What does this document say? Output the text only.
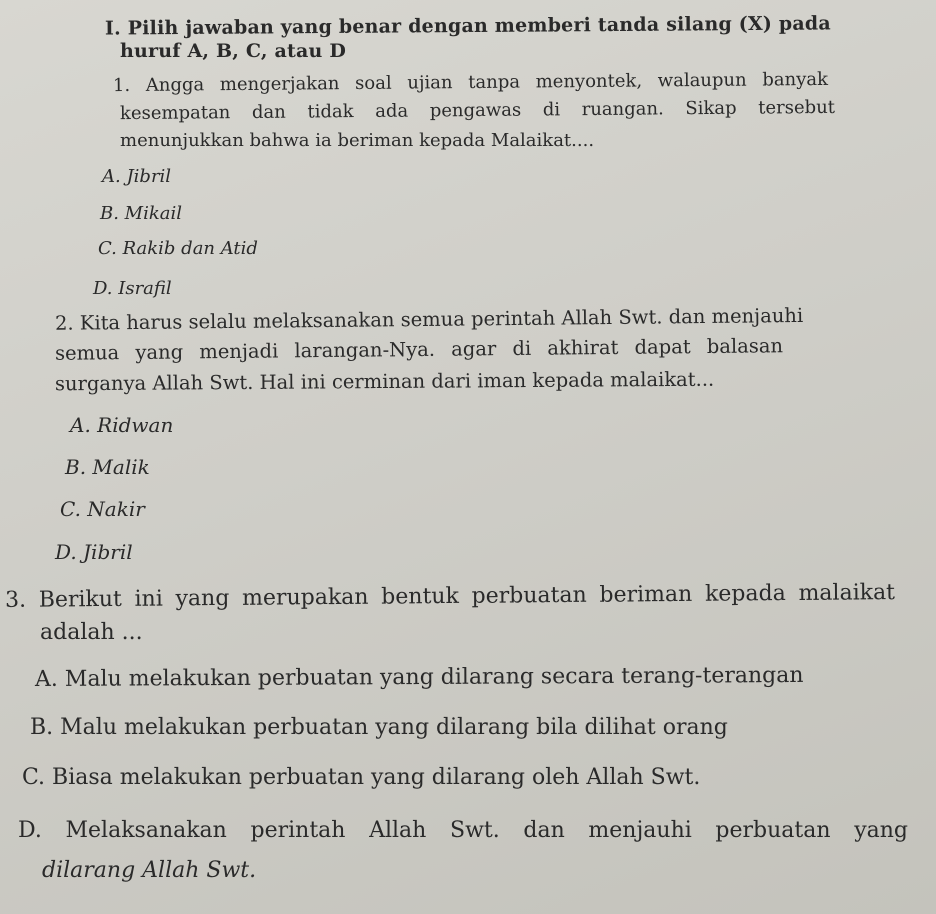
I. Pilih jawaban yang benar dengan memberi tanda silang (X) pada

huruf A, B, C, atau D

1. Angga mengerjakan soal ujian tanpa menyontek, walaupun banyak

kesempatan dan tidak ada pengawas di ruangan. Sikap tersebut

menunjukkan bahwa ia beriman kepada Malaikat....

A. Jibril

B. Mikail

C. Rakib dan Atid

D. Israfil

2. Kita harus selalu melaksanakan semua perintah Allah Swt. dan menjauhi

semua yang menjadi larangan-Nya. agar di akhirat dapat balasan

surganya Allah Swt. Hal ini cerminan dari iman kepada malaikat...

A. Ridwan

B. Malik

C. Nakir

D. Jibril

3. Berikut ini yang merupakan bentuk perbuatan beriman kepada malaikat

adalah ...

A. Malu melakukan perbuatan yang dilarang secara terang-terangan

B. Malu melakukan perbuatan yang dilarang bila dilihat orang

C. Biasa melakukan perbuatan yang dilarang oleh Allah Swt.

D. Melaksanakan perintah Allah Swt. dan menjauhi perbuatan yang

dilarang Allah Swt.
